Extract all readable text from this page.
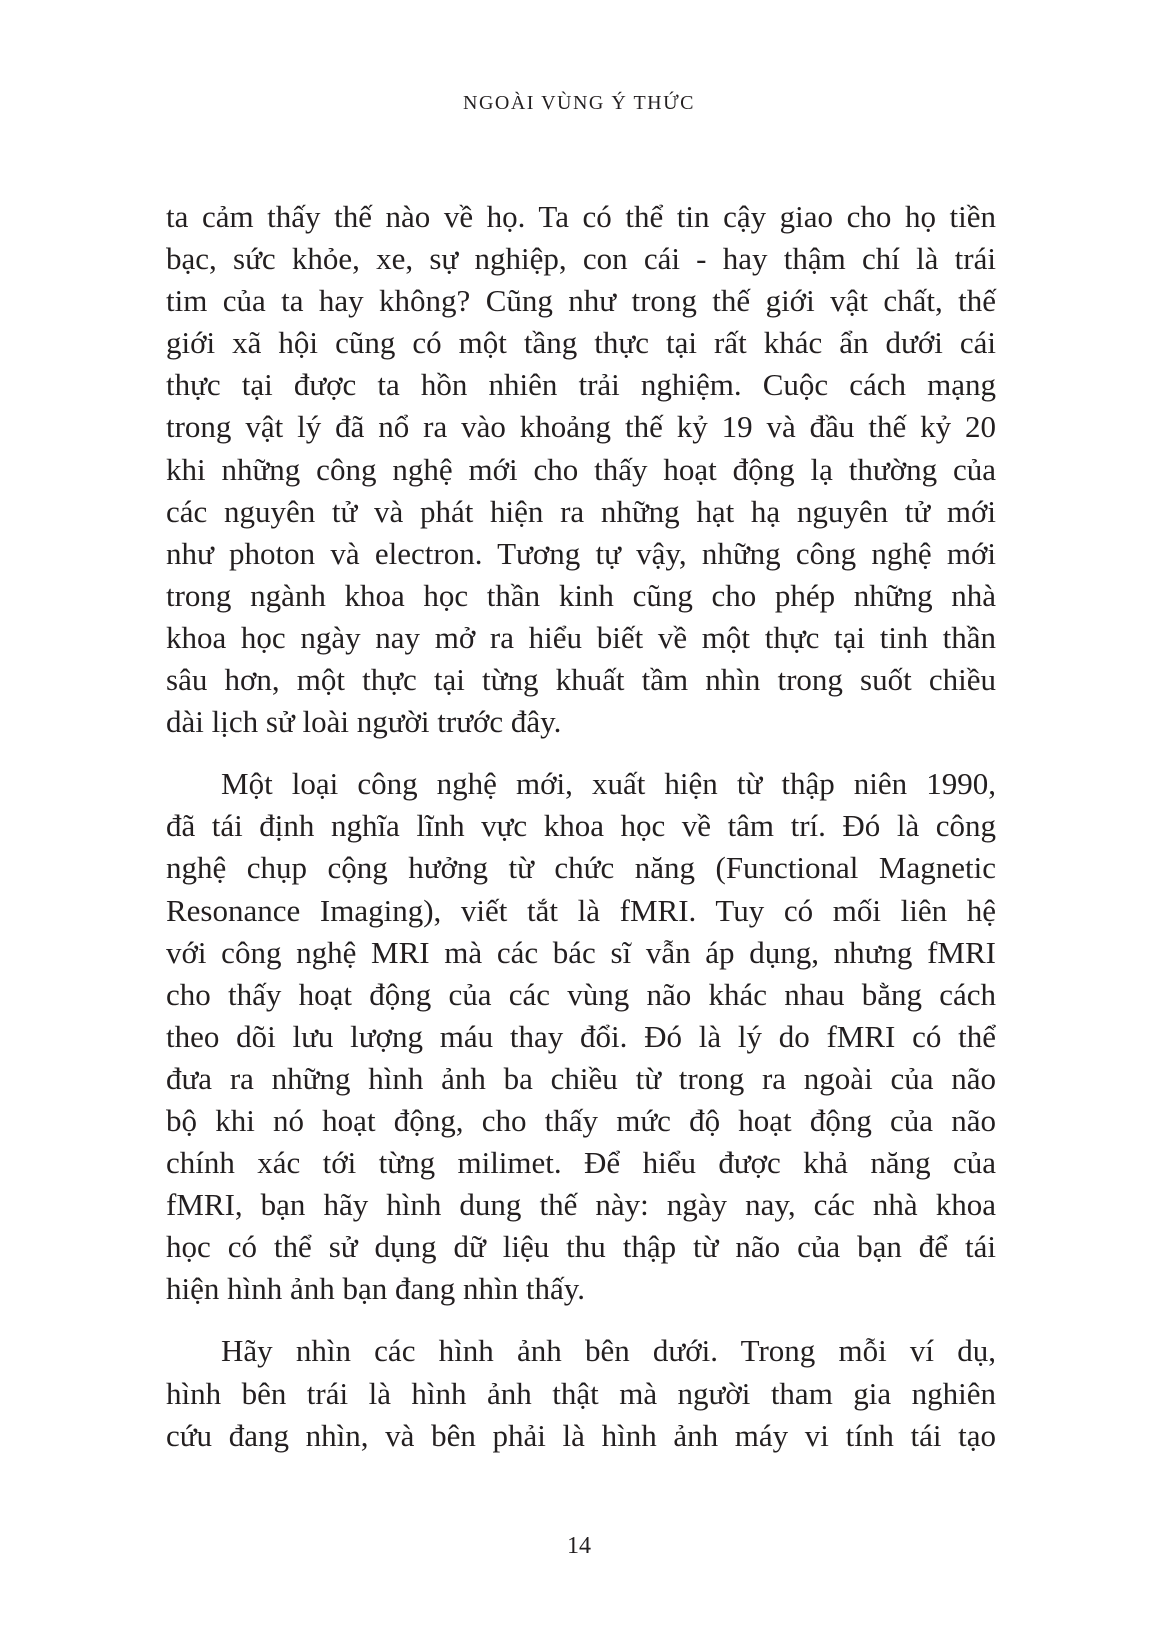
NGOÀI VÙNG Ý THỨC
ta cảm thấy thế nào về họ. Ta có thể tin cậy giao cho họ tiền
bạc, sức khỏe, xe, sự nghiệp, con cái - hay thậm chí là trái
tim của ta hay không? Cũng như trong thế giới vật chất, thế
giới xã hội cũng có một tầng thực tại rất khác ẩn dưới cái
thực tại được ta hồn nhiên trải nghiệm. Cuộc cách mạng
trong vật lý đã nổ ra vào khoảng thế kỷ 19 và đầu thế kỷ 20
khi những công nghệ mới cho thấy hoạt động lạ thường của
các nguyên tử và phát hiện ra những hạt hạ nguyên tử mới
như photon và electron. Tương tự vậy, những công nghệ mới
trong ngành khoa học thần kinh cũng cho phép những nhà
khoa học ngày nay mở ra hiểu biết về một thực tại tinh thần
sâu hơn, một thực tại từng khuất tầm nhìn trong suốt chiều
dài lịch sử loài người trước đây.
Một loại công nghệ mới, xuất hiện từ thập niên 1990,
đã tái định nghĩa lĩnh vực khoa học về tâm trí. Đó là công
nghệ chụp cộng hưởng từ chức năng (Functional Magnetic
Resonance Imaging), viết tắt là fMRI. Tuy có mối liên hệ
với công nghệ MRI mà các bác sĩ vẫn áp dụng, nhưng fMRI
cho thấy hoạt động của các vùng não khác nhau bằng cách
theo dõi lưu lượng máu thay đổi. Đó là lý do fMRI có thể
đưa ra những hình ảnh ba chiều từ trong ra ngoài của não
bộ khi nó hoạt động, cho thấy mức độ hoạt động của não
chính xác tới từng milimet. Để hiểu được khả năng của
fMRI, bạn hãy hình dung thế này: ngày nay, các nhà khoa
học có thể sử dụng dữ liệu thu thập từ não của bạn để tái
hiện hình ảnh bạn đang nhìn thấy.
Hãy nhìn các hình ảnh bên dưới. Trong mỗi ví dụ,
hình bên trái là hình ảnh thật mà người tham gia nghiên
cứu đang nhìn, và bên phải là hình ảnh máy vi tính tái tạo
14
